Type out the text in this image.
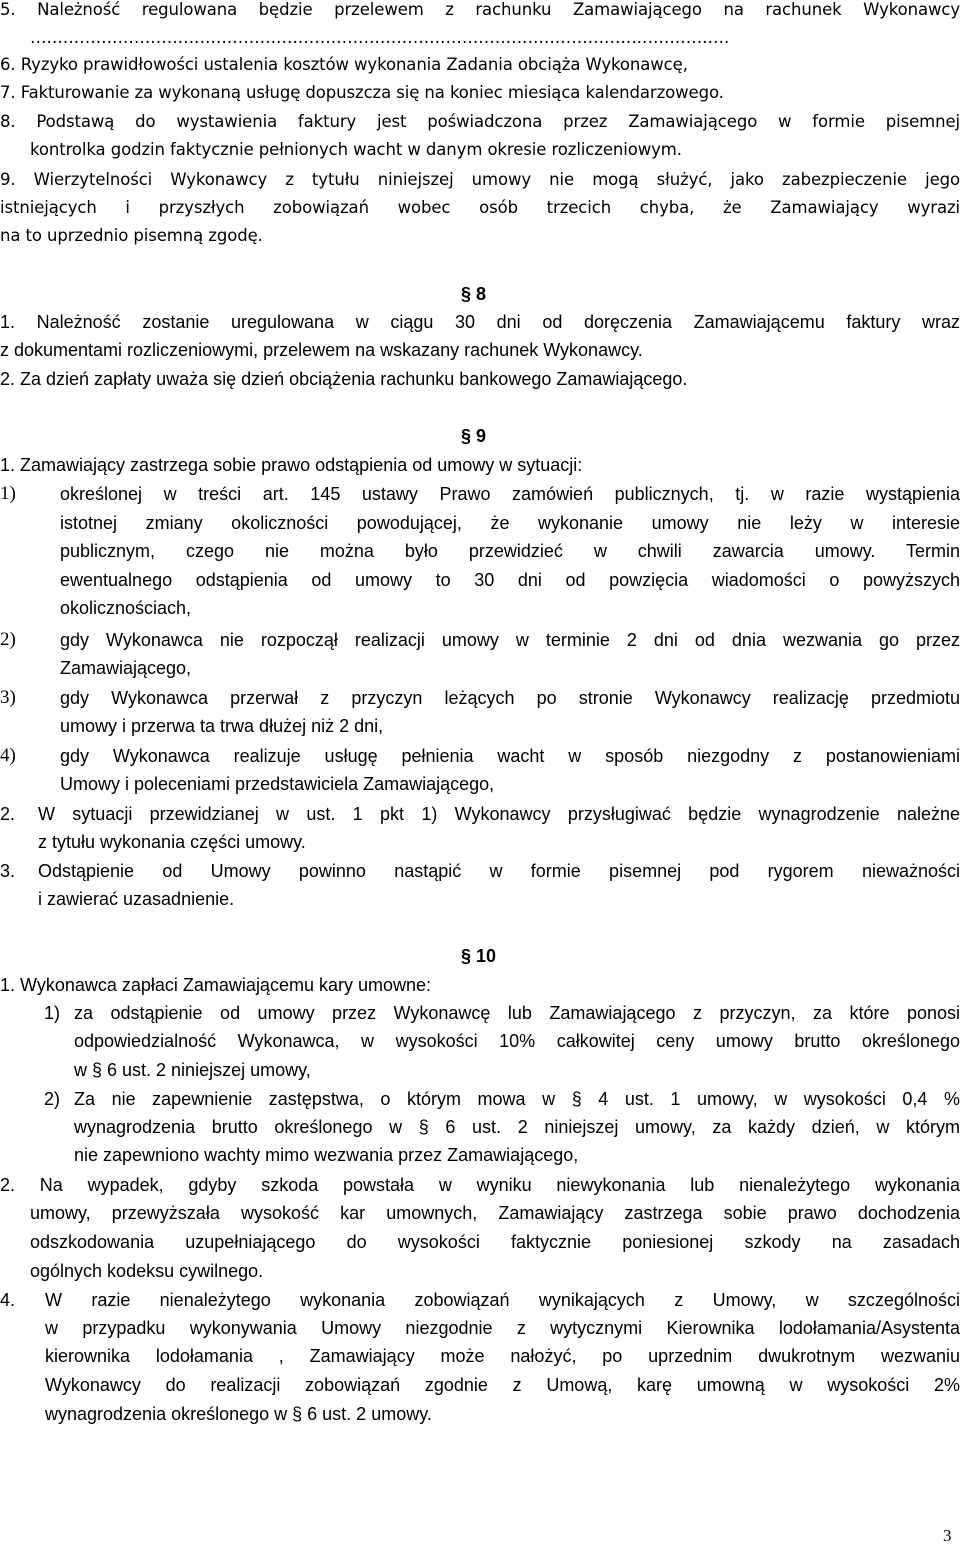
5. Należność regulowana będzie przelewem z rachunku Zamawiającego na rachunek Wykonawcy

………………………………………………………………………………………………….…………….

6. Ryzyko prawidłowości ustalenia kosztów wykonania Zadania obciąża Wykonawcę,

7. Fakturowanie za wykonaną usługę dopuszcza się na koniec miesiąca kalendarzowego.

8. Podstawą do wystawienia faktury jest poświadczona przez Zamawiającego w formie pisemnej

kontrolka godzin faktycznie pełnionych wacht w danym okresie rozliczeniowym.

9. Wierzytelności Wykonawcy z tytułu niniejszej umowy nie mogą służyć, jako zabezpieczenie jego

istniejących i przyszłych zobowiązań wobec osób trzecich chyba, że Zamawiający wyrazi

na to uprzednio pisemną zgodę.

§ 8

1. Należność zostanie uregulowana w ciągu 30 dni od doręczenia Zamawiającemu faktury wraz

z dokumentami rozliczeniowymi, przelewem na wskazany rachunek Wykonawcy.

2. Za dzień zapłaty uważa się dzień obciążenia rachunku bankowego Zamawiającego.

§ 9

1. Zamawiający zastrzega sobie prawo odstąpienia od umowy w sytuacji:

1)	określonej w treści art. 145 ustawy Prawo zamówień publicznych, tj. w razie wystąpienia

istotnej zmiany okoliczności powodującej, że wykonanie umowy nie leży w interesie

publicznym, czego nie można było przewidzieć w chwili zawarcia umowy. Termin

ewentualnego odstąpienia od umowy to 30 dni od powzięcia wiadomości o powyższych

okolicznościach,

2)	gdy Wykonawca nie rozpoczął realizacji umowy w terminie 2 dni od dnia wezwania go przez

Zamawiającego,

3)	gdy Wykonawca przerwał z przyczyn leżących po stronie Wykonawcy realizację przedmiotu

umowy i przerwa ta trwa dłużej niż 2 dni,

4)	gdy Wykonawca realizuje usługę pełnienia wacht w sposób niezgodny z postanowieniami

Umowy i poleceniami przedstawiciela Zamawiającego,

2.	W sytuacji przewidzianej w ust. 1 pkt 1) Wykonawcy przysługiwać będzie wynagrodzenie należne

z tytułu wykonania części umowy.

3.	Odstąpienie od Umowy powinno nastąpić w formie pisemnej pod rygorem nieważności

i zawierać uzasadnienie.

§ 10

1. Wykonawca zapłaci Zamawiającemu kary umowne:

1) za odstąpienie od umowy przez Wykonawcę lub Zamawiającego z przyczyn, za które ponosi

odpowiedzialność Wykonawca, w wysokości 10% całkowitej ceny umowy brutto określonego

w § 6 ust. 2 niniejszej umowy,

2) Za nie zapewnienie zastępstwa, o którym mowa w § 4 ust. 1 umowy, w wysokości 0,4 %

wynagrodzenia brutto określonego w § 6 ust. 2 niniejszej umowy, za każdy dzień, w którym

nie zapewniono wachty mimo wezwania przez Zamawiającego,

2. Na wypadek, gdyby szkoda powstała w wyniku niewykonania lub nienależytego wykonania

umowy, przewyższała wysokość kar umownych, Zamawiający zastrzega sobie prawo dochodzenia

odszkodowania uzupełniającego do wysokości faktycznie poniesionej szkody na zasadach

ogólnych kodeksu cywilnego.

4.	W razie nienależytego wykonania zobowiązań wynikających z Umowy, w szczególności

w przypadku wykonywania Umowy niezgodnie z wytycznymi Kierownika lodołamania/Asystenta

kierownika lodołamania , Zamawiający może nałożyć, po uprzednim dwukrotnym wezwaniu

Wykonawcy do realizacji zobowiązań zgodnie z Umową, karę umowną w wysokości 2%

wynagrodzenia określonego w § 6 ust. 2 umowy.

3
